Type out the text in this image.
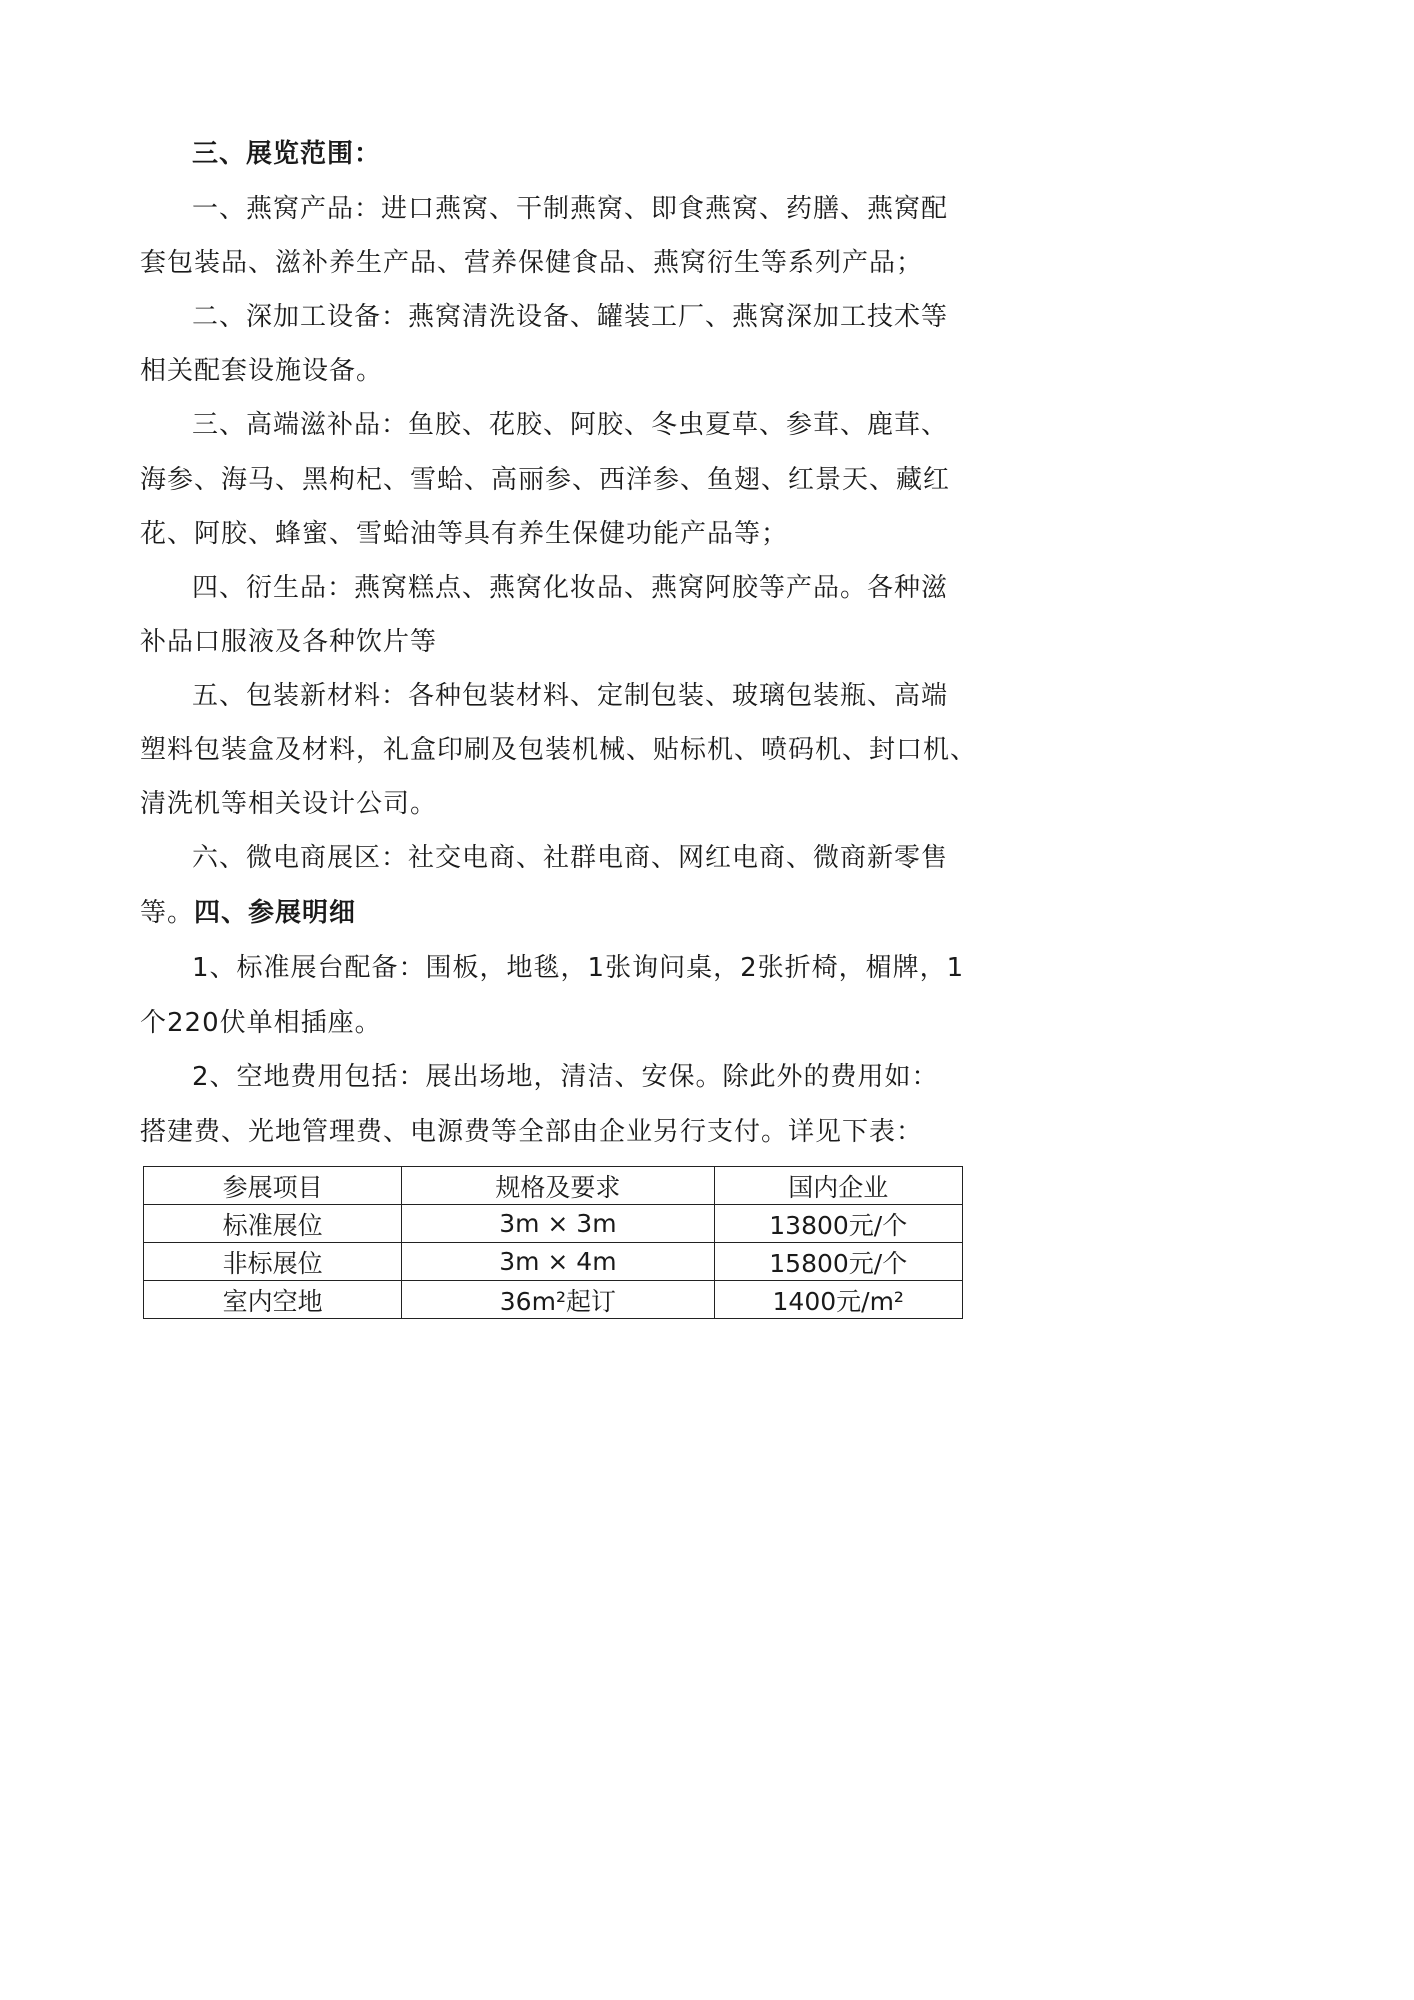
三、展览范围：
一、燕窝产品：进口燕窝、干制燕窝、即食燕窝、药膳、燕窝配
套包装品、滋补养生产品、营养保健食品、燕窝衍生等系列产品；
二、深加工设备：燕窝清洗设备、罐装工厂、燕窝深加工技术等
相关配套设施设备。
三、高端滋补品：鱼胶、花胶、阿胶、冬虫夏草、参茸、鹿茸、
海参、海马、黑枸杞、雪蛤、高丽参、西洋参、鱼翅、红景天、藏红
花、阿胶、蜂蜜、雪蛤油等具有养生保健功能产品等；
四、衍生品：燕窝糕点、燕窝化妆品、燕窝阿胶等产品。各种滋
补品口服液及各种饮片等
五、包装新材料：各种包装材料、定制包装、玻璃包装瓶、高端
塑料包装盒及材料，礼盒印刷及包装机械、贴标机、喷码机、封口机、
清洗机等相关设计公司。
六、微电商展区：社交电商、社群电商、网红电商、微商新零售
等。四、参展明细
1、标准展台配备：围板，地毯，1张询问桌，2张折椅，楣牌，1
个220伏单相插座。
2、空地费用包括：展出场地，清洁、安保。除此外的费用如：
搭建费、光地管理费、电源费等全部由企业另行支付。详见下表：
参展项目	规格及要求	国内企业
标准展位	3m × 3m	13800元/个
非标展位	3m × 4m	15800元/个
室内空地	36m²起订	1400元/m²
